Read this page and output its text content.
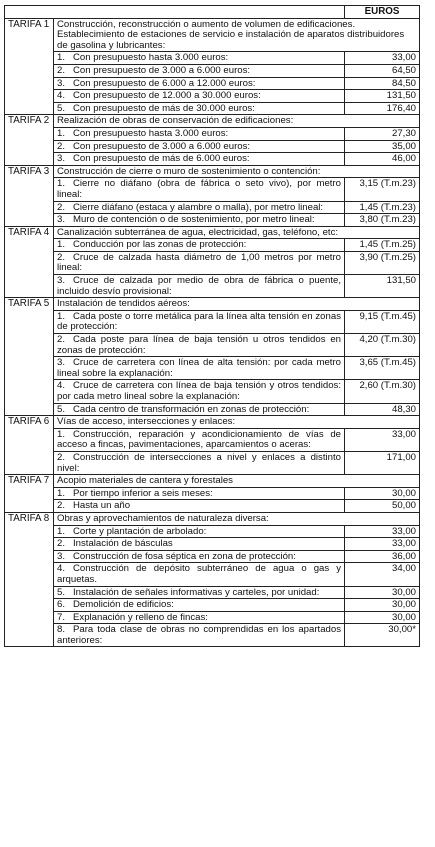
		EUROS
TARIFA 1	Construcción, reconstrucción o aumento de volumen de edificaciones. Establecimiento de estaciones de servicio e instalación de aparatos distribuidores de gasolina y lubricantes:	
	1. Con presupuesto hasta 3.000 euros:	33,00
	2. Con presupuesto de 3.000 a 6.000 euros:	64,50
	3. Con presupuesto de 6.000 a 12.000 euros:	84,50
	4. Con presupuesto de 12.000 a 30.000 euros:	131,50
	5. Con presupuesto de más de 30.000 euros:	176,40
TARIFA 2	Realización de obras de conservación de edificaciones:	
	1. Con presupuesto hasta 3.000 euros:	27,30
	2. Con presupuesto de 3.000 a 6.000 euros:	35,00
	3. Con presupuesto de más de 6.000 euros:	46,00
TARIFA 3	Construcción de cierre o muro de sostenimiento o contención:	
	1. Cierre no diáfano (obra de fábrica o seto vivo), por metro lineal:	3,15 (T.m.23)
	2. Cierre diáfano (estaca y alambre o malla), por metro lineal:	1,45 (T.m.23)
	3. Muro de contención o de sostenimiento, por metro lineal:	3,80 (T.m.23)
TARIFA 4	Canalización subterránea de agua, electricidad, gas, teléfono, etc:	
	1. Conducción por las zonas de protección:	1,45 (T.m.25)
	2. Cruce de calzada hasta diámetro de 1,00 metros por metro lineal:	3,90 (T.m.25)
	3. Cruce de calzada por medio de obra de fábrica o puente, incluido desvío provisional:	131,50
TARIFA 5	Instalación de tendidos aéreos:	
	1. Cada poste o torre metálica para la línea alta tensión en zonas de protección:	9,15 (T.m.45)
	2. Cada poste para línea de baja tensión u otros tendidos en zonas de protección:	4,20 (T.m.30)
	3. Cruce de carretera con línea de alta tensión: por cada metro lineal sobre la explanación:	3,65 (T.m.45)
	4. Cruce de carretera con línea de baja tensión y otros tendidos: por cada metro lineal sobre la explanación:	2,60 (T.m.30)
	5. Cada centro de transformación en zonas de protección:	48,30
TARIFA 6	Vías de acceso, intersecciones y enlaces:	
	1. Construcción, reparación y acondicionamiento de vías de acceso a fincas, pavimentaciones, aparcamientos o aceras:	33,00
	2. Construcción de intersecciones a nivel y enlaces a distinto nivel:	171,00
TARIFA 7	Acopio materiales de cantera y forestales	
	1. Por tiempo inferior a seis meses:	30,00
	2. Hasta un año	50,00
TARIFA 8	Obras y aprovechamientos de naturaleza diversa:	
	1. Corte y plantación de arbolado:	33,00
	2. Instalación de básculas	33,00
	3. Construcción de fosa séptica en zona de protección:	36,00
	4. Construcción de depósito subterráneo de agua o gas y arquetas.	34,00
	5. Instalación de señales informativas y carteles, por unidad:	30,00
	6. Demolición de edificios:	30,00
	7. Explanación y relleno de fincas:	30,00
	8. Para toda clase de obras no comprendidas en los apartados anteriores:	30,00*
